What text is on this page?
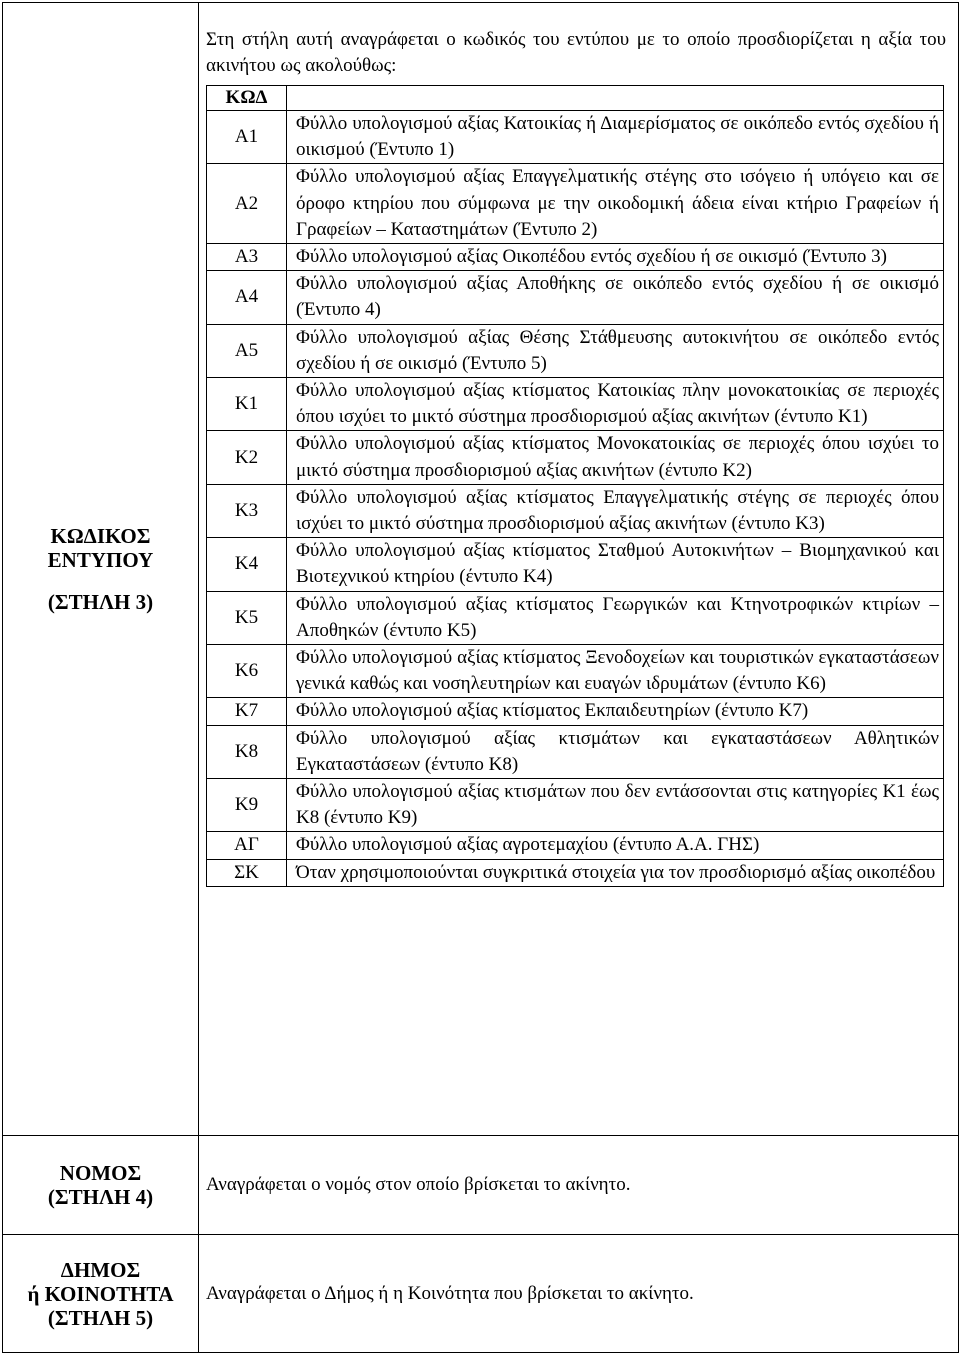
ΚΩΔΙΚΟΣ
ΕΝΤΥΠΟΥ
(ΣΤΗΛΗ 3)

Στη στήλη αυτή αναγράφεται ο κωδικός του εντύπου με το οποίο προσδιορίζεται η αξία του ακινήτου ως ακολούθως:
ΚΩΔ	
Α1	Φύλλο υπολογισμού αξίας Κατοικίας ή Διαμερίσματος σε οικόπεδο εντός σχεδίου ή οικισμού (Έντυπο 1)
Α2	Φύλλο υπολογισμού αξίας Επαγγελματικής στέγης στο ισόγειο ή υπόγειο και σε όροφο κτηρίου που σύμφωνα με την οικοδομική άδεια είναι κτήριο Γραφείων ή Γραφείων – Καταστημάτων (Έντυπο 2)
Α3	Φύλλο υπολογισμού αξίας Οικοπέδου εντός σχεδίου ή σε οικισμό (Έντυπο 3)
Α4	Φύλλο υπολογισμού αξίας Αποθήκης σε οικόπεδο εντός σχεδίου ή σε οικισμό (Έντυπο 4)
Α5	Φύλλο υπολογισμού αξίας Θέσης Στάθμευσης αυτοκινήτου σε οικόπεδο εντός σχεδίου ή σε οικισμό (Έντυπο 5)
Κ1	Φύλλο υπολογισμού αξίας κτίσματος Κατοικίας πλην μονοκατοικίας σε περιοχές όπου ισχύει το μικτό σύστημα προσδιορισμού αξίας ακινήτων (έντυπο Κ1)
Κ2	Φύλλο υπολογισμού αξίας κτίσματος Μονοκατοικίας σε περιοχές όπου ισχύει το μικτό σύστημα προσδιορισμού αξίας ακινήτων (έντυπο Κ2)
Κ3	Φύλλο υπολογισμού αξίας κτίσματος Επαγγελματικής στέγης σε περιοχές όπου ισχύει το μικτό σύστημα προσδιορισμού αξίας ακινήτων (έντυπο Κ3)
Κ4	Φύλλο υπολογισμού αξίας κτίσματος Σταθμού Αυτοκινήτων – Βιομηχανικού και Βιοτεχνικού κτηρίου (έντυπο Κ4)
Κ5	Φύλλο υπολογισμού αξίας κτίσματος Γεωργικών και Κτηνοτροφικών κτιρίων – Αποθηκών (έντυπο Κ5)
Κ6	Φύλλο υπολογισμού αξίας κτίσματος Ξενοδοχείων και τουριστικών εγκαταστάσεων γενικά καθώς και νοσηλευτηρίων και ευαγών ιδρυμάτων (έντυπο Κ6)
Κ7	Φύλλο υπολογισμού αξίας κτίσματος Εκπαιδευτηρίων (έντυπο Κ7)
Κ8	Φύλλο υπολογισμού αξίας κτισμάτων και εγκαταστάσεων Αθλητικών Εγκαταστάσεων (έντυπο Κ8)
Κ9	Φύλλο υπολογισμού αξίας κτισμάτων που δεν εντάσσονται στις κατηγορίες Κ1 έως Κ8 (έντυπο Κ9)
ΑΓ	Φύλλο υπολογισμού αξίας αγροτεμαχίου (έντυπο Α.Α. ΓΗΣ)
ΣΚ	Όταν χρησιμοποιούνται συγκριτικά στοιχεία για τον προσδιορισμό αξίας οικοπέδου

ΝΟΜΟΣ
(ΣΤΗΛΗ 4)
	Αναγράφεται ο νομός στον οποίο βρίσκεται το ακίνητο.

ΔΗΜΟΣ
ή ΚΟΙΝΟΤΗΤΑ
(ΣΤΗΛΗ 5)
	Αναγράφεται ο Δήμος ή η Κοινότητα που βρίσκεται το ακίνητο.
